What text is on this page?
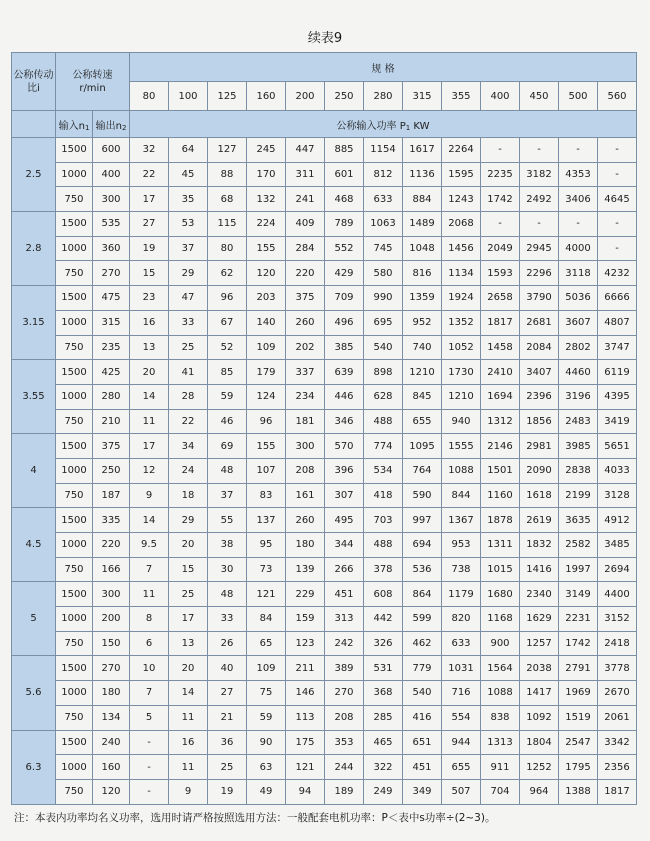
续表9
公称传动比i	公称转速
r/min		规 格												
			80	100	125	160	200	250	280	315	355	400	450	500	560
	输入n1	输出n2	公称输入功率 P1 KW												
2.5	1500	600	32	64	127	245	447	885	1154	1617	2264	-	-	-	-
	1000	400	22	45	88	170	311	601	812	1136	1595	2235	3182	4353	-
	750	300	17	35	68	132	241	468	633	884	1243	1742	2492	3406	4645
2.8	1500	535	27	53	115	224	409	789	1063	1489	2068	-	-	-	-
	1000	360	19	37	80	155	284	552	745	1048	1456	2049	2945	4000	-
	750	270	15	29	62	120	220	429	580	816	1134	1593	2296	3118	4232
3.15	1500	475	23	47	96	203	375	709	990	1359	1924	2658	3790	5036	6666
	1000	315	16	33	67	140	260	496	695	952	1352	1817	2681	3607	4807
	750	235	13	25	52	109	202	385	540	740	1052	1458	2084	2802	3747
3.55	1500	425	20	41	85	179	337	639	898	1210	1730	2410	3407	4460	6119
	1000	280	14	28	59	124	234	446	628	845	1210	1694	2396	3196	4395
	750	210	11	22	46	96	181	346	488	655	940	1312	1856	2483	3419
4	1500	375	17	34	69	155	300	570	774	1095	1555	2146	2981	3985	5651
	1000	250	12	24	48	107	208	396	534	764	1088	1501	2090	2838	4033
	750	187	9	18	37	83	161	307	418	590	844	1160	1618	2199	3128
4.5	1500	335	14	29	55	137	260	495	703	997	1367	1878	2619	3635	4912
	1000	220	9.5	20	38	95	180	344	488	694	953	1311	1832	2582	3485
	750	166	7	15	30	73	139	266	378	536	738	1015	1416	1997	2694
5	1500	300	11	25	48	121	229	451	608	864	1179	1680	2340	3149	4400
	1000	200	8	17	33	84	159	313	442	599	820	1168	1629	2231	3152
	750	150	6	13	26	65	123	242	326	462	633	900	1257	1742	2418
5.6	1500	270	10	20	40	109	211	389	531	779	1031	1564	2038	2791	3778
	1000	180	7	14	27	75	146	270	368	540	716	1088	1417	1969	2670
	750	134	5	11	21	59	113	208	285	416	554	838	1092	1519	2061
6.3	1500	240	-	16	36	90	175	353	465	651	944	1313	1804	2547	3342
	1000	160	-	11	25	63	121	244	322	451	655	911	1252	1795	2356
	750	120	-	9	19	49	94	189	249	349	507	704	964	1388	1817
注：本表内功率均名义功率，选用时请严格按照选用方法：一般配套电机功率：P＜表中s功率÷(2~3)。
